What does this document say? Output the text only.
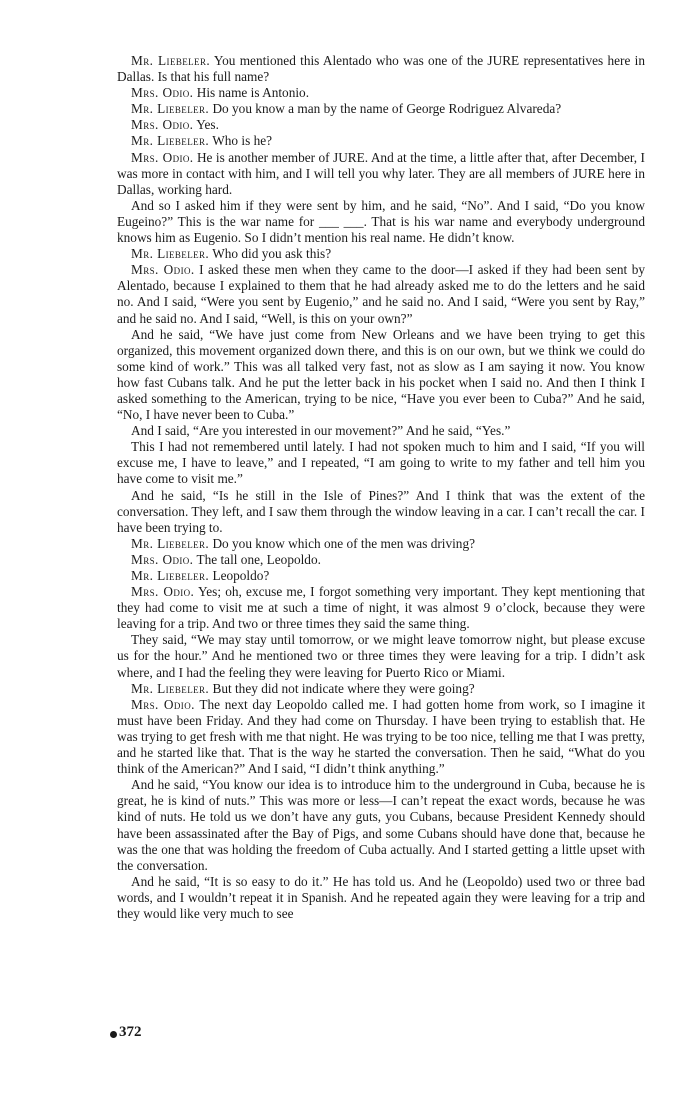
Mr. Liebeler. You mentioned this Alentado who was one of the JURE representatives here in Dallas. Is that his full name?

Mrs. Odio. His name is Antonio.

Mr. Liebeler. Do you know a man by the name of George Rodriguez Alvareda?

Mrs. Odio. Yes.

Mr. Liebeler. Who is he?

Mrs. Odio. He is another member of JURE. And at the time, a little after that, after December, I was more in contact with him, and I will tell you why later. They are all members of JURE here in Dallas, working hard.

And so I asked him if they were sent by him, and he said, “No”. And I said, “Do you know Eugeino?” This is the war name for ___ ___. That is his war name and everybody underground knows him as Eugenio. So I didn’t mention his real name. He didn’t know.

Mr. Liebeler. Who did you ask this?

Mrs. Odio. I asked these men when they came to the door—I asked if they had been sent by Alentado, because I explained to them that he had already asked me to do the letters and he said no. And I said, “Were you sent by Eugenio,” and he said no. And I said, “Were you sent by Ray,” and he said no. And I said, “Well, is this on your own?”

And he said, “We have just come from New Orleans and we have been trying to get this organized, this movement organized down there, and this is on our own, but we think we could do some kind of work.” This was all talked very fast, not as slow as I am saying it now. You know how fast Cubans talk. And he put the letter back in his pocket when I said no. And then I think I asked something to the American, trying to be nice, “Have you ever been to Cuba?” And he said, “No, I have never been to Cuba.”

And I said, “Are you interested in our movement?” And he said, “Yes.”

This I had not remembered until lately. I had not spoken much to him and I said, “If you will excuse me, I have to leave,” and I repeated, “I am going to write to my father and tell him you have come to visit me.”

And he said, “Is he still in the Isle of Pines?” And I think that was the extent of the conversation. They left, and I saw them through the window leaving in a car. I can’t recall the car. I have been trying to.

Mr. Liebeler. Do you know which one of the men was driving?

Mrs. Odio. The tall one, Leopoldo.

Mr. Liebeler. Leopoldo?

Mrs. Odio. Yes; oh, excuse me, I forgot something very important. They kept mentioning that they had come to visit me at such a time of night, it was almost 9 o’clock, because they were leaving for a trip. And two or three times they said the same thing.

They said, “We may stay until tomorrow, or we might leave tomorrow night, but please excuse us for the hour.” And he mentioned two or three times they were leaving for a trip. I didn’t ask where, and I had the feeling they were leaving for Puerto Rico or Miami.

Mr. Liebeler. But they did not indicate where they were going?

Mrs. Odio. The next day Leopoldo called me. I had gotten home from work, so I imagine it must have been Friday. And they had come on Thursday. I have been trying to establish that. He was trying to get fresh with me that night. He was trying to be too nice, telling me that I was pretty, and he started like that. That is the way he started the conversation. Then he said, “What do you think of the American?” And I said, “I didn’t think anything.”

And he said, “You know our idea is to introduce him to the underground in Cuba, because he is great, he is kind of nuts.” This was more or less—I can’t repeat the exact words, because he was kind of nuts. He told us we don’t have any guts, you Cubans, because President Kennedy should have been assassinated after the Bay of Pigs, and some Cubans should have done that, because he was the one that was holding the freedom of Cuba actually. And I started getting a little upset with the conversation.

And he said, “It is so easy to do it.” He has told us. And he (Leopoldo) used two or three bad words, and I wouldn’t repeat it in Spanish. And he repeated again they were leaving for a trip and they would like very much to see

372
